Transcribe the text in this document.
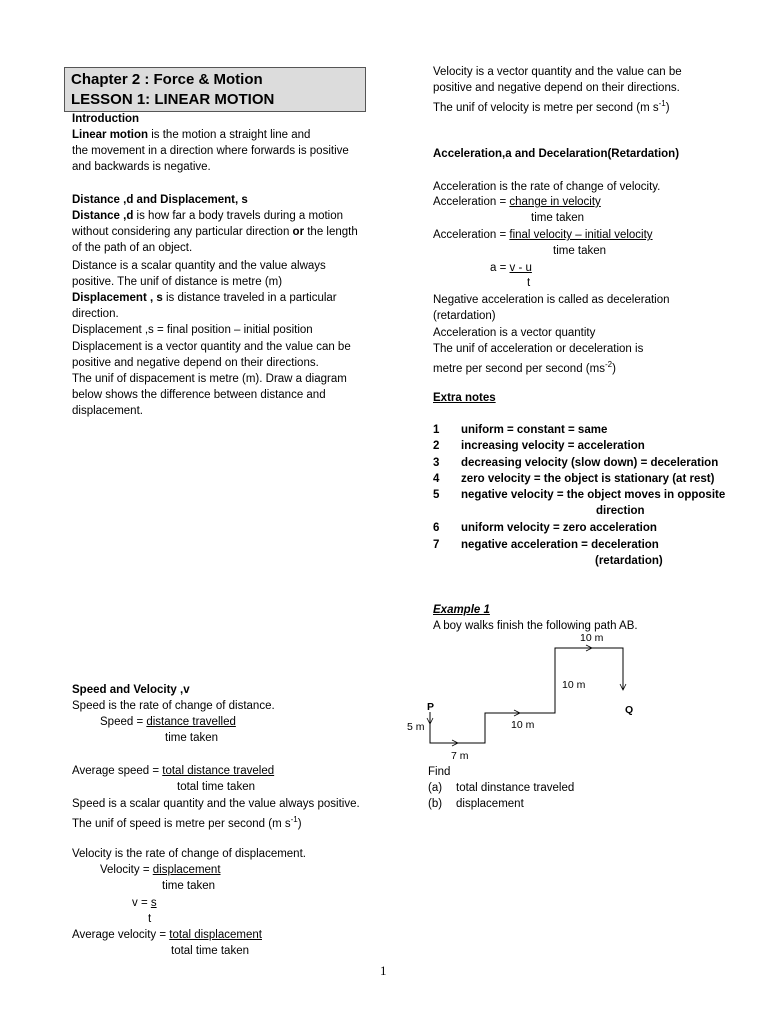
Chapter 2 : Force & Motion
LESSON 1: LINEAR MOTION
Introduction
Linear motion is the motion a straight line and
the movement in a direction where forwards is positive
and backwards is negative.
Distance ,d and Displacement, s
Distance ,d is how far a body travels during a motion
without considering any particular direction or the length
of the path of an object.
Distance is a scalar quantity and the value always
positive. The unif of distance is metre (m)
Displacement , s is distance traveled in a particular
direction.
Displacement ,s = final position – initial position
Displacement is a vector quantity and the value can be
positive and negative depend on their directions.
The unif of dispacement is metre (m). Draw a diagram
below shows the difference between distance and
displacement.
Speed and Velocity ,v
Speed is the rate of change of distance.
Speed = distance travelled
time taken
Average speed = total distance traveled
total time taken
Speed is a scalar quantity and the value always positive.
The unif of speed is metre per second (m $s^{-1}$)
Velocity is the rate of change of displacement.
Velocity = displacement
time taken
v = s
t
Average velocity = total displacement
total time taken
Velocity is a vector quantity and the value can be
positive and negative depend on their directions.
The unif of velocity is metre per second (m $s^{-1}$)
Acceleration,a and Decelaration(Retardation)
Acceleration is the rate of change of velocity.
Acceleration = change in velocity
time taken
Acceleration = final velocity – initial velocity
time taken
a = v - u
t
Negative acceleration is called as deceleration
(retardation)
Acceleration is a vector quantity
The unif of acceleration or deceleration is
metre per second per second $(ms^{-2})$
Extra notes
1 uniform = constant = same
2 increasing velocity = acceleration
3 decreasing velocity (slow down) = deceleration
4 zero velocity = the object is stationary (at rest)
5 negative velocity = the object moves in opposite
direction
6 uniform velocity = zero acceleration
7 negative acceleration = deceleration
(retardation)
Example 1
A boy walks finish the following path AB.
P	Q
5 m
7 m
10 m
10 m
10 m
Find
(a) total dinstance traveled
(b) displacement
1
